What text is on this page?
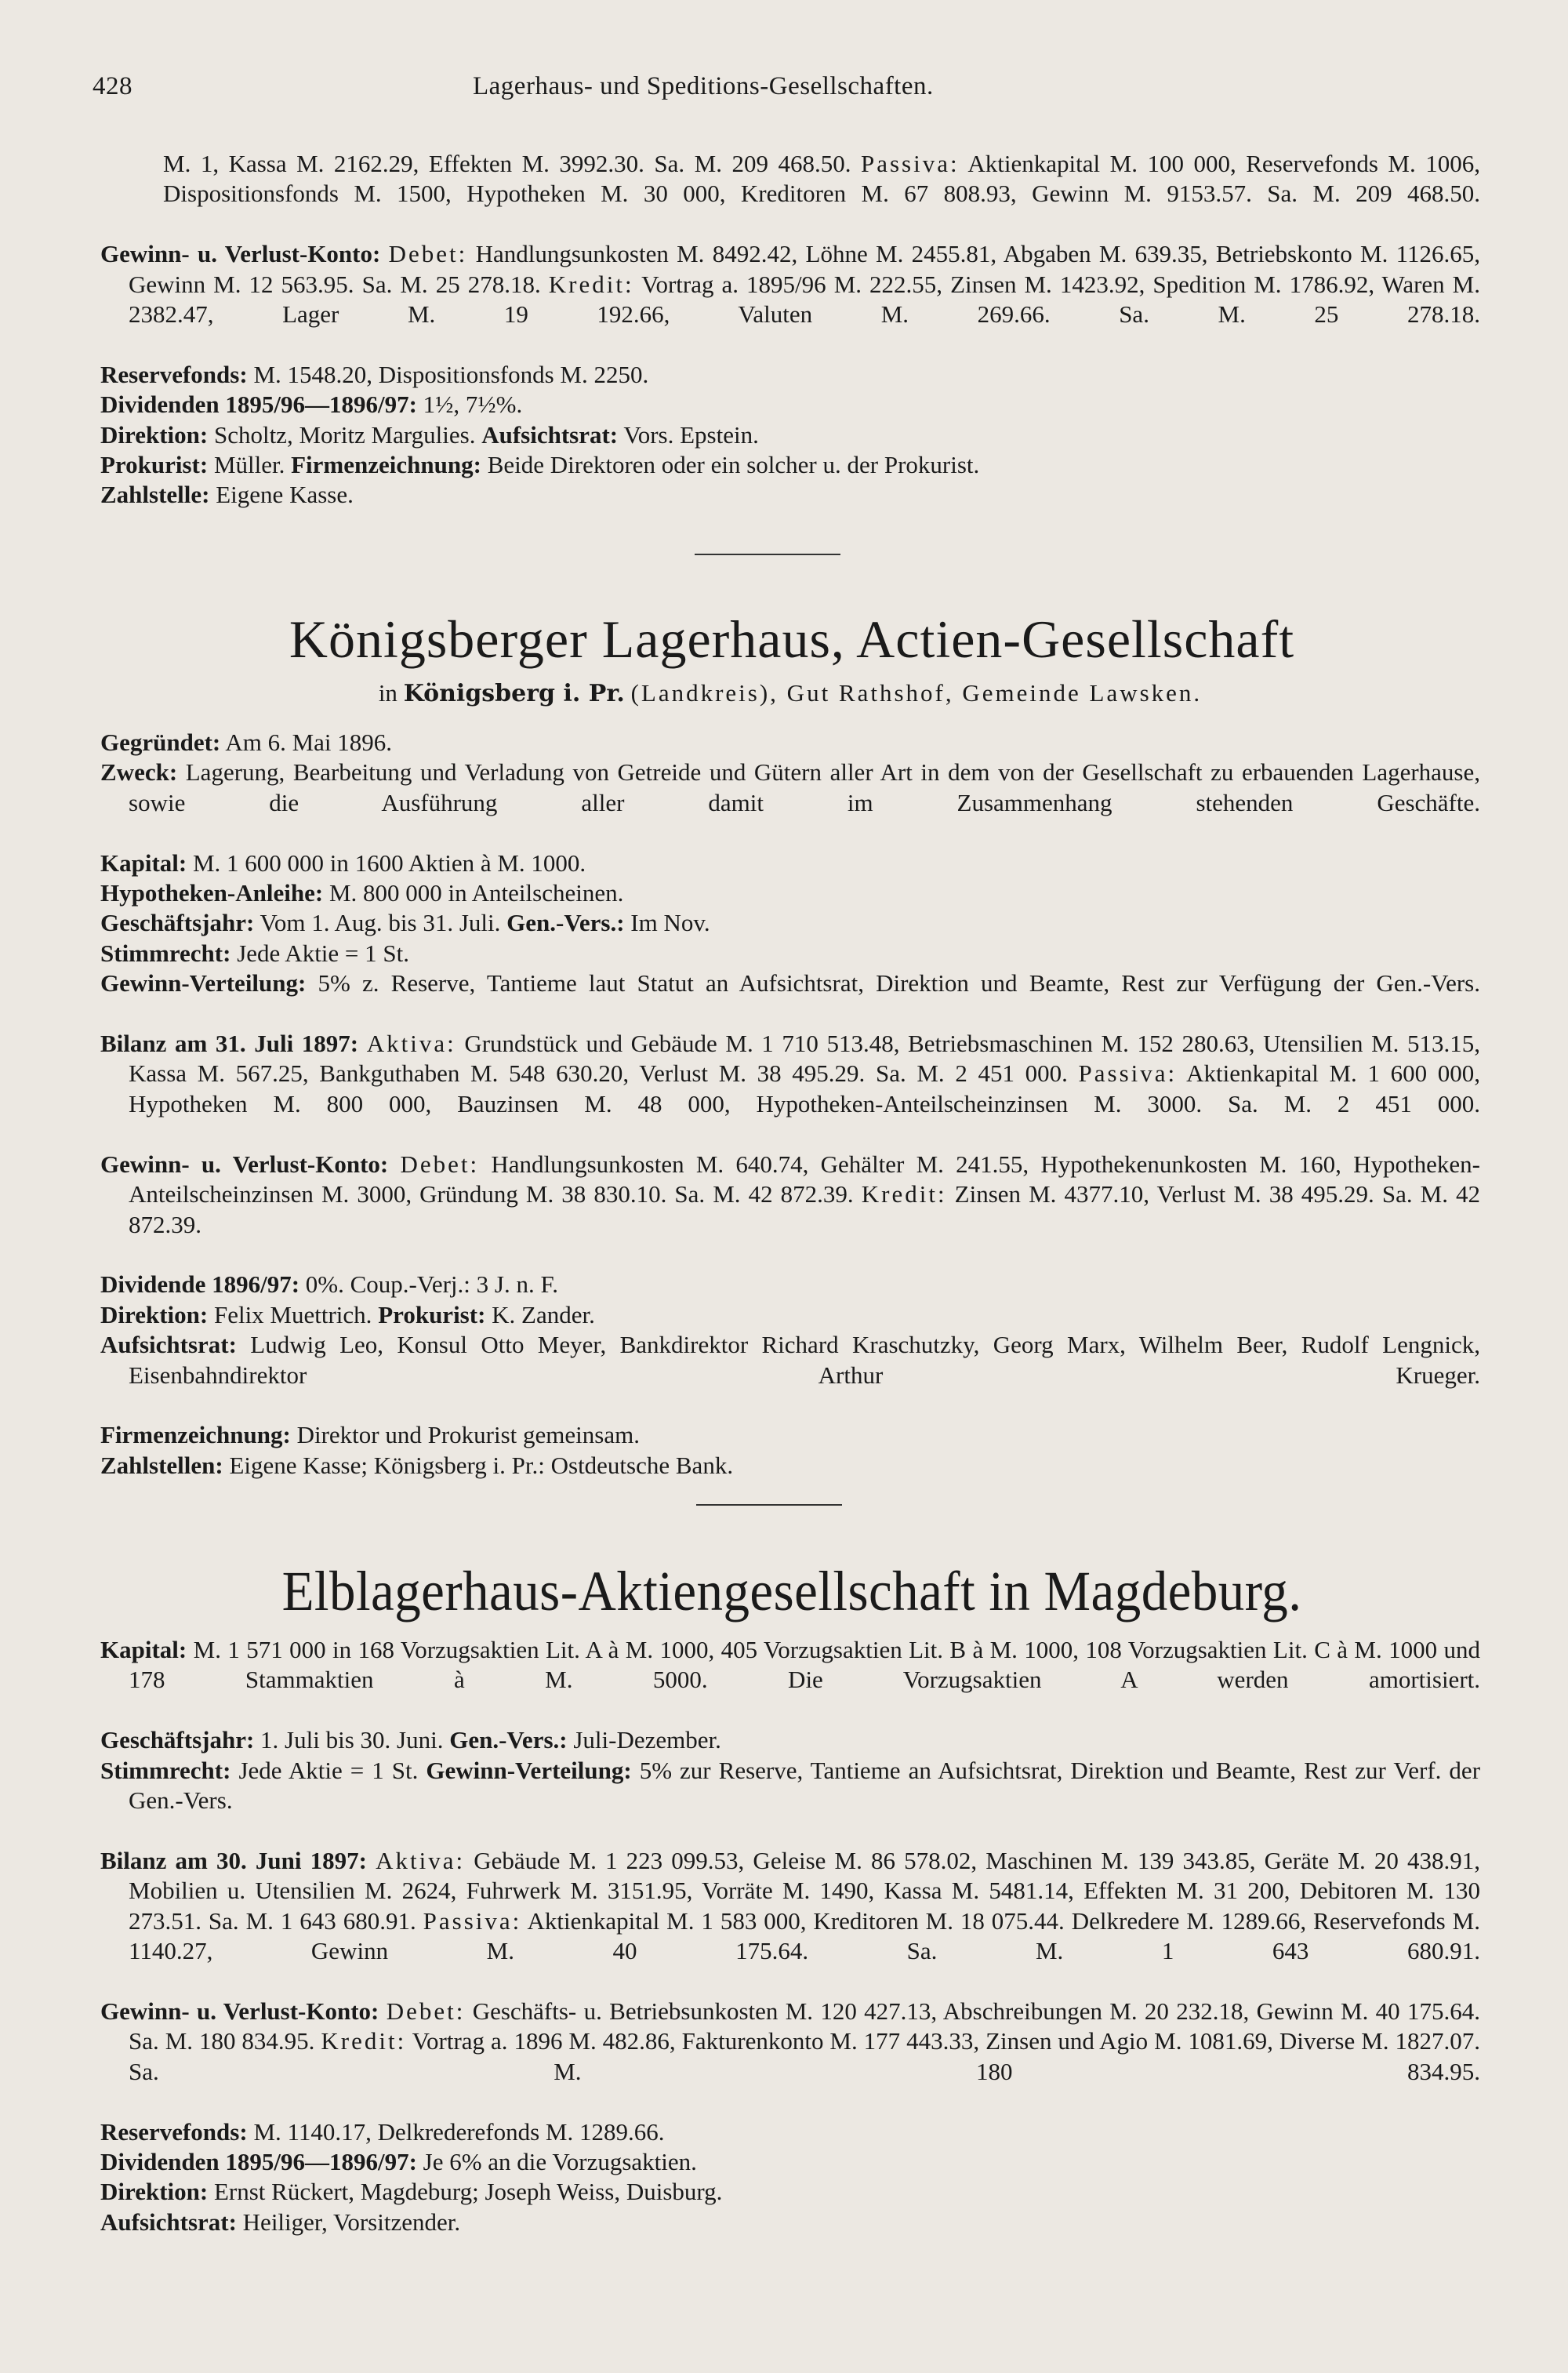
428	Lagerhaus- und Speditions-Gesellschaften.

M. 1, Kassa M. 2162.29, Effekten M. 3992.30. Sa. M. 209 468.50. Passiva: Aktienkapital M. 100 000, Reservefonds M. 1006, Dispositionsfonds M. 1500, Hypotheken M. 30 000, Kreditoren M. 67 808.93, Gewinn M. 9153.57. Sa. M. 209 468.50.

Gewinn- u. Verlust-Konto: Debet: Handlungsunkosten M. 8492.42, Löhne M. 2455.81, Abgaben M. 639.35, Betriebskonto M. 1126.65, Gewinn M. 12 563.95. Sa. M. 25 278.18. Kredit: Vortrag a. 1895/96 M. 222.55, Zinsen M. 1423.92, Spedition M. 1786.92, Waren M. 2382.47, Lager M. 19 192.66, Valuten M. 269.66. Sa. M. 25 278.18.

Reservefonds: M. 1548.20, Dispositionsfonds M. 2250.

Dividenden 1895/96—1896/97: 1½, 7½%.

Direktion: Scholtz, Moritz Margulies. Aufsichtsrat: Vors. Epstein.

Prokurist: Müller. Firmenzeichnung: Beide Direktoren oder ein solcher u. der Prokurist.

Zahlstelle: Eigene Kasse.

Königsberger Lagerhaus, Actien-Gesellschaft
in Königsberg i. Pr. (Landkreis), Gut Rathshof, Gemeinde Lawsken.

Gegründet: Am 6. Mai 1896.

Zweck: Lagerung, Bearbeitung und Verladung von Getreide und Gütern aller Art in dem von der Gesellschaft zu erbauenden Lagerhause, sowie die Ausführung aller damit im Zusammenhang stehenden Geschäfte.

Kapital: M. 1 600 000 in 1600 Aktien à M. 1000.

Hypotheken-Anleihe: M. 800 000 in Anteilscheinen.

Geschäftsjahr: Vom 1. Aug. bis 31. Juli. Gen.-Vers.: Im Nov.

Stimmrecht: Jede Aktie = 1 St.

Gewinn-Verteilung: 5% z. Reserve, Tantieme laut Statut an Aufsichtsrat, Direktion und Beamte, Rest zur Verfügung der Gen.-Vers.

Bilanz am 31. Juli 1897: Aktiva: Grundstück und Gebäude M. 1 710 513.48, Betriebsmaschinen M. 152 280.63, Utensilien M. 513.15, Kassa M. 567.25, Bankguthaben M. 548 630.20, Verlust M. 38 495.29. Sa. M. 2 451 000. Passiva: Aktienkapital M. 1 600 000, Hypotheken M. 800 000, Bauzinsen M. 48 000, Hypotheken-Anteilscheinzinsen M. 3000. Sa. M. 2 451 000.

Gewinn- u. Verlust-Konto: Debet: Handlungsunkosten M. 640.74, Gehälter M. 241.55, Hypothekenunkosten M. 160, Hypotheken-Anteilscheinzinsen M. 3000, Gründung M. 38 830.10. Sa. M. 42 872.39. Kredit: Zinsen M. 4377.10, Verlust M. 38 495.29. Sa. M. 42 872.39.

Dividende 1896/97: 0%. Coup.-Verj.: 3 J. n. F.

Direktion: Felix Muettrich. Prokurist: K. Zander.

Aufsichtsrat: Ludwig Leo, Konsul Otto Meyer, Bankdirektor Richard Kraschutzky, Georg Marx, Wilhelm Beer, Rudolf Lengnick, Eisenbahndirektor Arthur Krueger.

Firmenzeichnung: Direktor und Prokurist gemeinsam.

Zahlstellen: Eigene Kasse; Königsberg i. Pr.: Ostdeutsche Bank.

Elblagerhaus-Aktiengesellschaft in Magdeburg.

Kapital: M. 1 571 000 in 168 Vorzugsaktien Lit. A à M. 1000, 405 Vorzugsaktien Lit. B à M. 1000, 108 Vorzugsaktien Lit. C à M. 1000 und 178 Stammaktien à M. 5000. Die Vorzugsaktien A werden amortisiert.

Geschäftsjahr: 1. Juli bis 30. Juni. Gen.-Vers.: Juli-Dezember.

Stimmrecht: Jede Aktie = 1 St. Gewinn-Verteilung: 5% zur Reserve, Tantieme an Aufsichtsrat, Direktion und Beamte, Rest zur Verf. der Gen.-Vers.

Bilanz am 30. Juni 1897: Aktiva: Gebäude M. 1 223 099.53, Geleise M. 86 578.02, Maschinen M. 139 343.85, Geräte M. 20 438.91, Mobilien u. Utensilien M. 2624, Fuhrwerk M. 3151.95, Vorräte M. 1490, Kassa M. 5481.14, Effekten M. 31 200, Debitoren M. 130 273.51. Sa. M. 1 643 680.91. Passiva: Aktienkapital M. 1 583 000, Kreditoren M. 18 075.44. Delkredere M. 1289.66, Reservefonds M. 1140.27, Gewinn M. 40 175.64. Sa. M. 1 643 680.91.

Gewinn- u. Verlust-Konto: Debet: Geschäfts- u. Betriebsunkosten M. 120 427.13, Abschreibungen M. 20 232.18, Gewinn M. 40 175.64. Sa. M. 180 834.95. Kredit: Vortrag a. 1896 M. 482.86, Fakturenkonto M. 177 443.33, Zinsen und Agio M. 1081.69, Diverse M. 1827.07. Sa. M. 180 834.95.

Reservefonds: M. 1140.17, Delkrederefonds M. 1289.66.

Dividenden 1895/96—1896/97: Je 6% an die Vorzugsaktien.

Direktion: Ernst Rückert, Magdeburg; Joseph Weiss, Duisburg.

Aufsichtsrat: Heiliger, Vorsitzender.
